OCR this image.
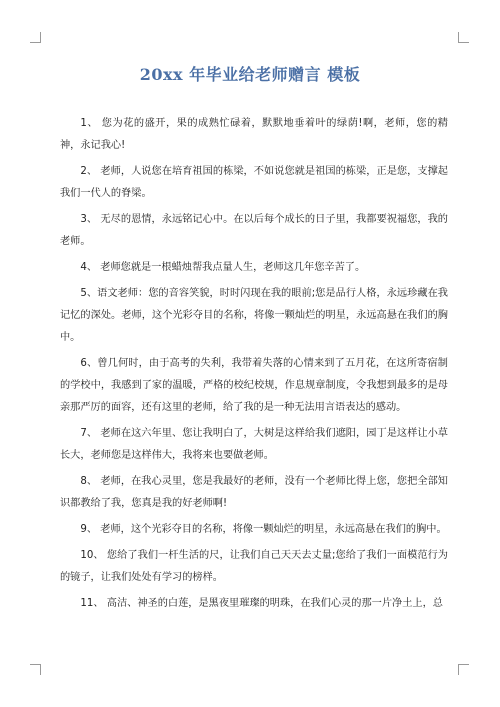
20xx 年毕业给老师赠言 模板

1、 您为花的盛开，果的成熟忙碌着，默默地垂着叶的绿荫!啊，老师，您的精神，永记我心!

2、 老师，人说您在培育祖国的栋梁，不如说您就是祖国的栋梁，正是您，支撑起我们一代人的脊梁。

3、 无尽的恩情，永远铭记心中。在以后每个成长的日子里，我都要祝福您，我的老师。

4、 老师您就是一根蜡烛帮我点量人生，老师这几年您辛苦了。

5、语文老师：您的音容笑貌，时时闪现在我的眼前;您是品行人格，永远珍藏在我记忆的深处。老师，这个光彩夺目的名称，将像一颗灿烂的明星，永远高悬在我们的胸中。

6、曾几何时，由于高考的失利，我带着失落的心情来到了五月花，在这所寄宿制的学校中，我感到了家的温暖，严格的校纪校规，作息规章制度，令我想到最多的是母亲那严厉的面容，还有这里的老师，给了我的是一种无法用言语表达的感动。

7、 老师在这六年里、您让我明白了，大树是这样给我们遮阳，园丁是这样让小草长大，老师您是这样伟大，我将来也要做老师。

8、 老师，在我心灵里，您是我最好的老师，没有一个老师比得上您，您把全部知识都教给了我，您真是我的好老师啊!

9、 老师，这个光彩夺目的名称，将像一颗灿烂的明星，永远高悬在我们的胸中。

10、 您给了我们一杆生活的尺，让我们自己天天去丈量;您给了我们一面模范行为的镜子，让我们处处有学习的榜样。

11、 高洁、神圣的白莲，是黑夜里璀璨的明珠，在我们心灵的那一片净土上，总
